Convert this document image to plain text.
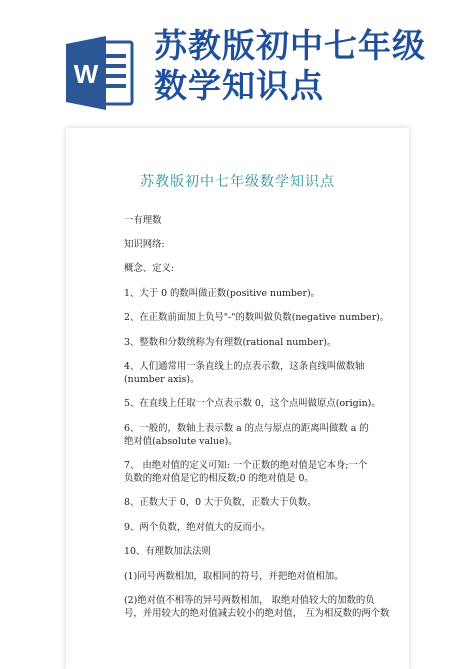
W
苏教版初中七年级
数学知识点
苏教版初中七年级数学知识点

一有理数

知识网络:

概念、定义:

1、大于 0 的数叫做正数(positive number)。

2、在正数前面加上负号"-"的数叫做负数(negative number)。

3、整数和分数统称为有理数(rational number)。

4、人们通常用一条直线上的点表示数，这条直线叫做数轴
(number axis)。

5、在直线上任取一个点表示数 0，这个点叫做原点(origin)。

6、一般的，数轴上表示数 a 的点与原点的距离叫做数 a 的
绝对值(absolute value)。

7、 由绝对值的定义可知: 一个正数的绝对值是它本身;一个
负数的绝对值是它的相反数;0 的绝对值是 0。

8、正数大于 0，0 大于负数，正数大于负数。

9、两个负数，绝对值大的反而小。

10、有理数加法法则

(1)同号两数相加，取相同的符号，并把绝对值相加。

(2)绝对值不相等的异号两数相加， 取绝对值较大的加数的负
号，并用较大的绝对值减去较小的绝对值， 互为相反数的两个数
